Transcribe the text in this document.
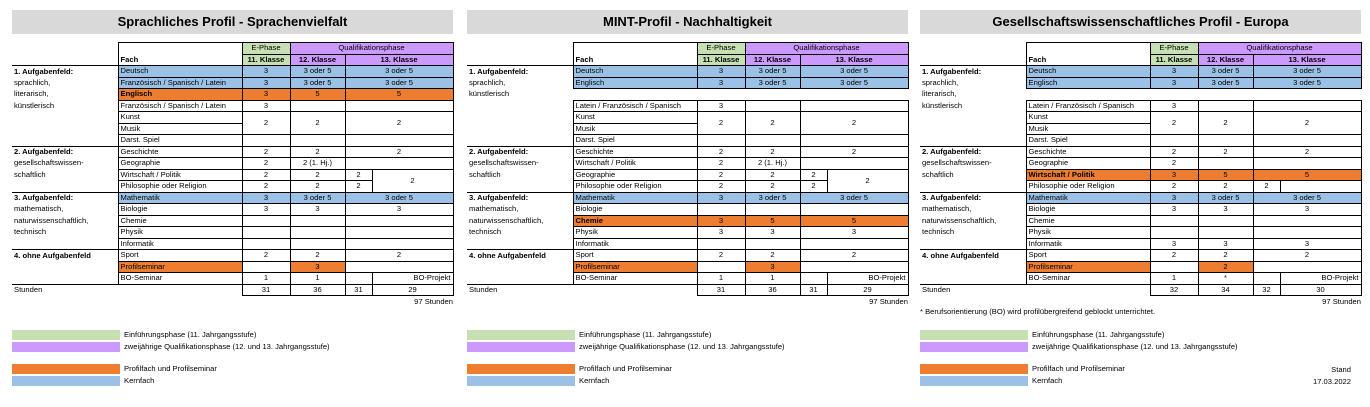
Sprachliches Profil - Sprachenvielfalt
		E-Phase	Qualifikationsphase		
	Fach	11. Klasse	12. Klasse	13. Klasse	
1. Aufgabenfeld:	Deutsch	3	3 oder 5	3 oder 5	
sprachlich,	Französisch / Spanisch / Latein	3	3 oder 5	3 oder 5	
literarisch,	Englisch	3	5	5	
künstlerisch	Französisch / Spanisch / Latein	3			
	Kunst	2	2	2	
	Musik				
	Darst. Spiel				
2. Aufgabenfeld:	Geschichte	2	2	2	
gesellschaftswissen-	Geographie	2	2 (1. Hj.)		
schaftlich	Wirtschaft / Politik	2	2	2	2
	Philosophie oder Religion	2	2	2	
3. Aufgabenfeld:	Mathematik	3	3 oder 5	3 oder 5	
mathematisch,	Biologie	3	3	3	
naturwissenschaftlich,	Chemie				
technisch	Physik				
	Informatik				
4. ohne Aufgabenfeld	Sport	2	2	2	
	Profilseminar		3		
	BO-Seminar	1	1		BO-Projekt
Stunden		31	36	31	29
97 Stunden
Einführungsphase (11. Jahrgangsstufe)
zweijährige Qualifikationsphase (12. und 13. Jahrgangsstufe)
Profilfach und Profilseminar
Kernfach
MINT-Profil - Nachhaltigkeit
		E-Phase	Qualifikationsphase		
	Fach	11. Klasse	12. Klasse	13. Klasse	
1. Aufgabenfeld:	Deutsch	3	3 oder 5	3 oder 5	
sprachlich,	Englisch	3	3 oder 5	3 oder 5	
künstlerisch					
	Latein / Französisch / Spanisch	3			
	Kunst	2	2	2	
	Musik				
	Darst. Spiel				
2. Aufgabenfeld:	Geschichte	2	2	2	
gesellschaftswissen-	Wirtschaft / Politik	2	2 (1. Hj.)		
schaftlich	Geographie	2	2	2	2
	Philosophie oder Religion	2	2	2	
3. Aufgabenfeld:	Mathematik	3	3 oder 5	3 oder 5	
mathematisch,	Biologie				
naturwissenschaftlich,	Chemie	3	5	5	
technisch	Physik	3	3	3	
	Informatik				
4. ohne Aufgabenfeld	Sport	2	2	2	
	Profilseminar		3		
	BO-Seminar	1	1		BO-Projekt
Stunden		31	36	31	29
97 Stunden
Einführungsphase (11. Jahrgangsstufe)
zweijährige Qualifikationsphase (12. und 13. Jahrgangsstufe)
Profilfach und Profilseminar
Kernfach
Gesellschaftswissenschaftliches Profil - Europa
		E-Phase	Qualifikationsphase		
	Fach	11. Klasse	12. Klasse	13. Klasse	
1. Aufgabenfeld:	Deutsch	3	3 oder 5	3 oder 5	
sprachlich,	Englisch	3	3 oder 5	3 oder 5	
literarisch,					
künstlerisch	Latein / Französisch / Spanisch	3			
	Kunst	2	2	2	
	Musik				
	Darst. Spiel				
2. Aufgabenfeld:	Geschichte	2	2	2	
gesellschaftswissen-	Geographie	2			
schaftlich	Wirtschaft / Politik	3	5	5	
	Philosophie oder Religion	2	2	2	
3. Aufgabenfeld:	Mathematik	3	3 oder 5	3 oder 5	
mathematisch,	Biologie	3	3	3	
naturwissenschaftlich,	Chemie				
technisch	Physik				
	Informatik	3	3	3	
4. ohne Aufgabenfeld	Sport	2	2	2	
	Profilseminar		2		
	BO-Seminar	1	*		BO-Projekt
Stunden		32	34	32	30
97 Stunden
* Berufsorientierung (BO) wird profilübergreifend geblockt unterrichtet.
Einführungsphase (11. Jahrgangsstufe)
zweijährige Qualifikationsphase (12. und 13. Jahrgangsstufe)
Profilfach und Profilseminar
Kernfach
Stand
17.03.2022
